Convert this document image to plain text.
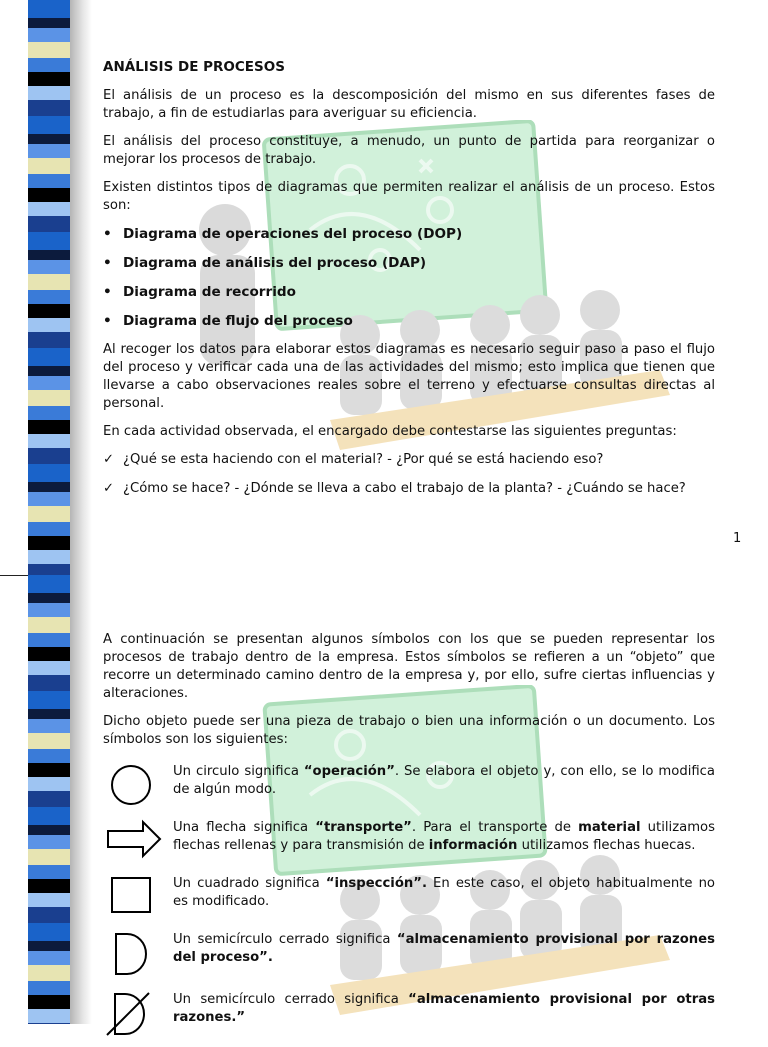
ANÁLISIS DE PROCESOS

El análisis de un proceso es la descomposición del mismo en sus diferentes fases de trabajo, a fin de estudiarlas para averiguar su eficiencia.

El análisis del proceso constituye, a menudo, un punto de partida para reorganizar o mejorar los procesos de trabajo.

Existen distintos tipos de diagramas que permiten realizar el análisis de un proceso. Estos son:

• Diagrama de operaciones del proceso (DOP)
• Diagrama de análisis del proceso (DAP)
• Diagrama de recorrido
• Diagrama de flujo del proceso

Al recoger los datos para elaborar estos diagramas es necesario seguir paso a paso el flujo del proceso y verificar cada una de las actividades del mismo; esto implica que tienen que llevarse a cabo observaciones reales sobre el terreno y efectuarse consultas directas al personal.

En cada actividad observada, el encargado debe contestarse las siguientes preguntas:

✓ ¿Qué se esta haciendo con el material? - ¿Por qué se está haciendo eso?
✓ ¿Cómo se hace? - ¿Dónde se lleva a cabo el trabajo de la planta? - ¿Cuándo se hace?
1

A continuación se presentan algunos símbolos con los que se pueden representar los procesos de trabajo dentro de la empresa. Estos símbolos se refieren a un “objeto” que recorre un determinado camino dentro de la empresa y, por ello, sufre ciertas influencias y alteraciones.

Dicho objeto puede ser una pieza de trabajo o bien una información o un documento. Los símbolos son los siguientes:

Un circulo significa “operación”. Se elabora el objeto y, con ello, se lo modifica de algún modo.
Una flecha significa “transporte”. Para el transporte de material utilizamos flechas rellenas y para transmisión de información utilizamos flechas huecas.
Un cuadrado significa “inspección”. En este caso, el objeto habitualmente no es modificado.
Un semicírculo cerrado significa “almacenamiento provisional por razones del proceso”.
Un semicírculo cerrado significa “almacenamiento provisional por otras razones.”
